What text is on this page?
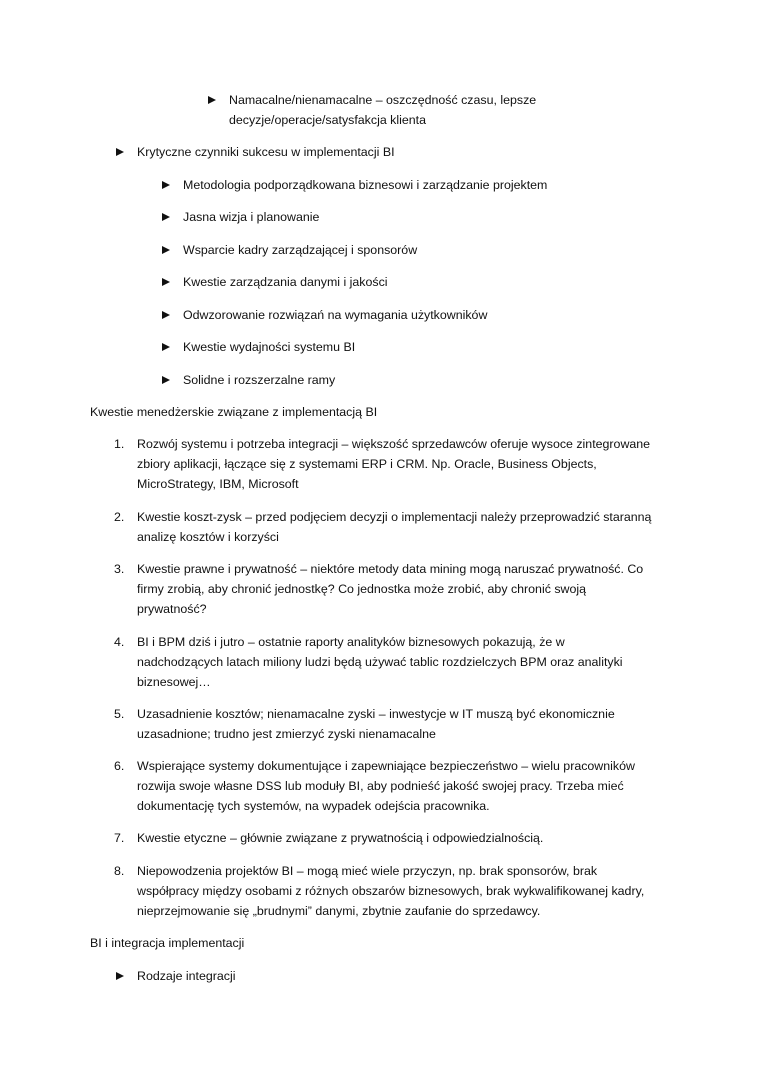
Namacalne/nienamacalne – oszczędność czasu, lepsze
decyzje/operacje/satysfakcja klienta
Krytyczne czynniki sukcesu w implementacji BI
Metodologia podporządkowana biznesowi i zarządzanie projektem
Jasna wizja i planowanie
Wsparcie kadry zarządzającej i sponsorów
Kwestie zarządzania danymi i jakości
Odwzorowanie rozwiązań na wymagania użytkowników
Kwestie wydajności systemu BI
Solidne i rozszerzalne ramy
Kwestie menedżerskie związane z implementacją BI
1. Rozwój systemu i potrzeba integracji – większość sprzedawców oferuje wysoce zintegrowane
zbiory aplikacji, łączące się z systemami ERP i CRM. Np. Oracle, Business Objects,
MicroStrategy, IBM, Microsoft
2. Kwestie koszt-zysk – przed podjęciem decyzji o implementacji należy przeprowadzić staranną
analizę kosztów i korzyści
3. Kwestie prawne i prywatność – niektóre metody data mining mogą naruszać prywatność. Co
firmy zrobią, aby chronić jednostkę? Co jednostka może zrobić, aby chronić swoją
prywatność?
4. BI i BPM dziś i jutro – ostatnie raporty analityków biznesowych pokazują, że w
nadchodzących latach miliony ludzi będą używać tablic rozdzielczych BPM oraz analityki
biznesowej…
5. Uzasadnienie kosztów; nienamacalne zyski – inwestycje w IT muszą być ekonomicznie
uzasadnione; trudno jest zmierzyć zyski nienamacalne
6. Wspierające systemy dokumentujące i zapewniające bezpieczeństwo – wielu pracowników
rozwija swoje własne DSS lub moduły BI, aby podnieść jakość swojej pracy. Trzeba mieć
dokumentację tych systemów, na wypadek odejścia pracownika.
7. Kwestie etyczne – głównie związane z prywatnością i odpowiedzialnością.
8. Niepowodzenia projektów BI – mogą mieć wiele przyczyn, np. brak sponsorów, brak
współpracy między osobami z różnych obszarów biznesowych, brak wykwalifikowanej kadry,
nieprzejmowanie się „brudnymi” danymi, zbytnie zaufanie do sprzedawcy.
BI i integracja implementacji
Rodzaje integracji
